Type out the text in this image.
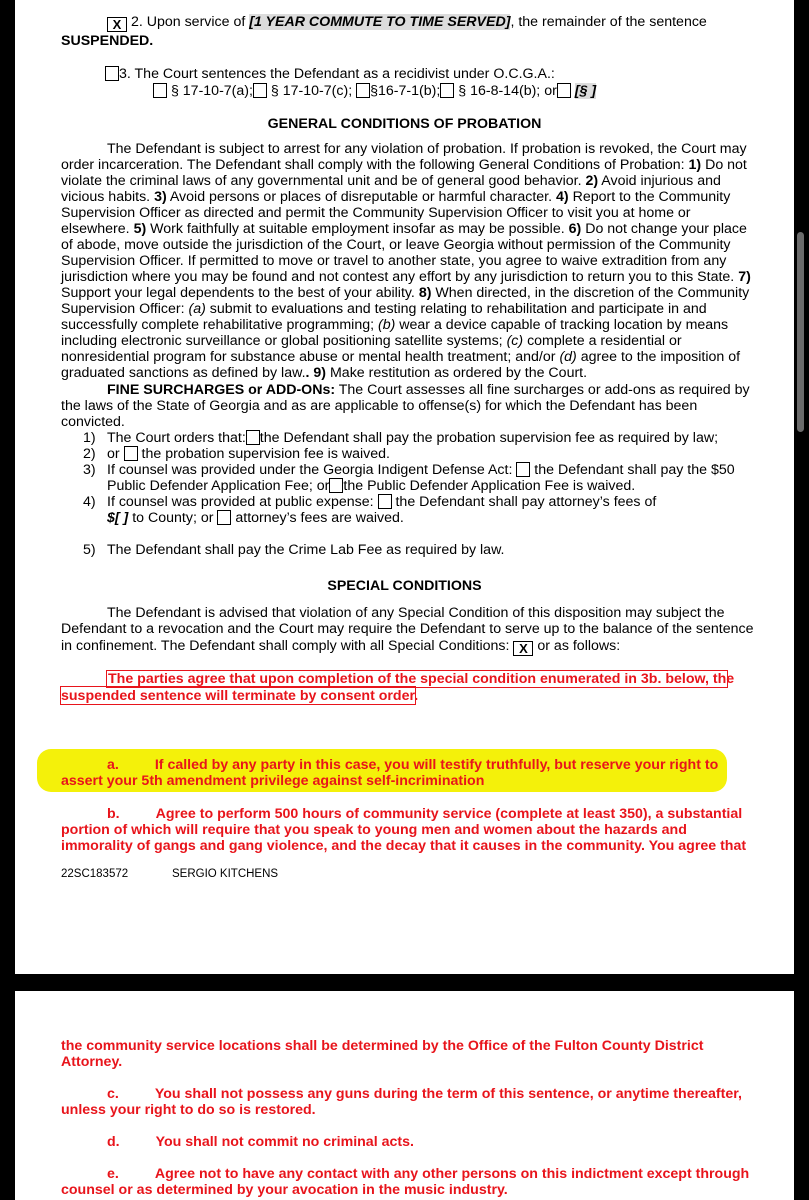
X 2. Upon service of [1 YEAR COMMUTE TO TIME SERVED], the remainder of the sentence
SUSPENDED.
3. The Court sentences the Defendant as a recidivist under O.C.G.A.:
§ 17-10-7(a); § 17-10-7(c); §16-7-1(b); § 16-8-14(b); or [§ ]
GENERAL CONDITIONS OF PROBATION
The Defendant is subject to arrest for any violation of probation. If probation is revoked, the Court may
order incarceration. The Defendant shall comply with the following General Conditions of Probation: 1) Do not
violate the criminal laws of any governmental unit and be of general good behavior. 2) Avoid injurious and
vicious habits. 3) Avoid persons or places of disreputable or harmful character. 4) Report to the Community
Supervision Officer as directed and permit the Community Supervision Officer to visit you at home or
elsewhere. 5) Work faithfully at suitable employment insofar as may be possible. 6) Do not change your place
of abode, move outside the jurisdiction of the Court, or leave Georgia without permission of the Community
Supervision Officer. If permitted to move or travel to another state, you agree to waive extradition from any
jurisdiction where you may be found and not contest any effort by any jurisdiction to return you to this State. 7)
Support your legal dependents to the best of your ability. 8) When directed, in the discretion of the Community
Supervision Officer: (a) submit to evaluations and testing relating to rehabilitation and participate in and
successfully complete rehabilitative programming; (b) wear a device capable of tracking location by means
including electronic surveillance or global positioning satellite systems; (c) complete a residential or
nonresidential program for substance abuse or mental health treatment; and/or (d) agree to the imposition of
graduated sanctions as defined by law.. 9) Make restitution as ordered by the Court.
FINE SURCHARGES or ADD-ONs: The Court assesses all fine surcharges or add-ons as required by
the laws of the State of Georgia and as are applicable to offense(s) for which the Defendant has been
convicted.
1) The Court orders that: the Defendant shall pay the probation supervision fee as required by law;
2) or the probation supervision fee is waived.
3) If counsel was provided under the Georgia Indigent Defense Act: the Defendant shall pay the $50
Public Defender Application Fee; or the Public Defender Application Fee is waived.
4) If counsel was provided at public expense: the Defendant shall pay attorney’s fees of
$[ ] to County; or attorney’s fees are waived.
5) The Defendant shall pay the Crime Lab Fee as required by law.
SPECIAL CONDITIONS
The Defendant is advised that violation of any Special Condition of this disposition may subject the
Defendant to a revocation and the Court may require the Defendant to serve up to the balance of the sentence
in confinement. The Defendant shall comply with all Special Conditions: X or as follows:
The parties agree that upon completion of the special condition enumerated in 3b. below, the
suspended sentence will terminate by consent order.
a.	If called by any party in this case, you will testify truthfully, but reserve your right to
assert your 5th amendment privilege against self-incrimination
b.	Agree to perform 500 hours of community service (complete at least 350), a substantial
portion of which will require that you speak to young men and women about the hazards and
immorality of gangs and gang violence, and the decay that it causes in the community. You agree that
22SC183572	SERGIO KITCHENS
the community service locations shall be determined by the Office of the Fulton County District
Attorney.
c.	You shall not possess any guns during the term of this sentence, or anytime thereafter,
unless your right to do so is restored.
d.	You shall not commit no criminal acts.
e.	Agree not to have any contact with any other persons on this indictment except through
counsel or as determined by your avocation in the music industry.
